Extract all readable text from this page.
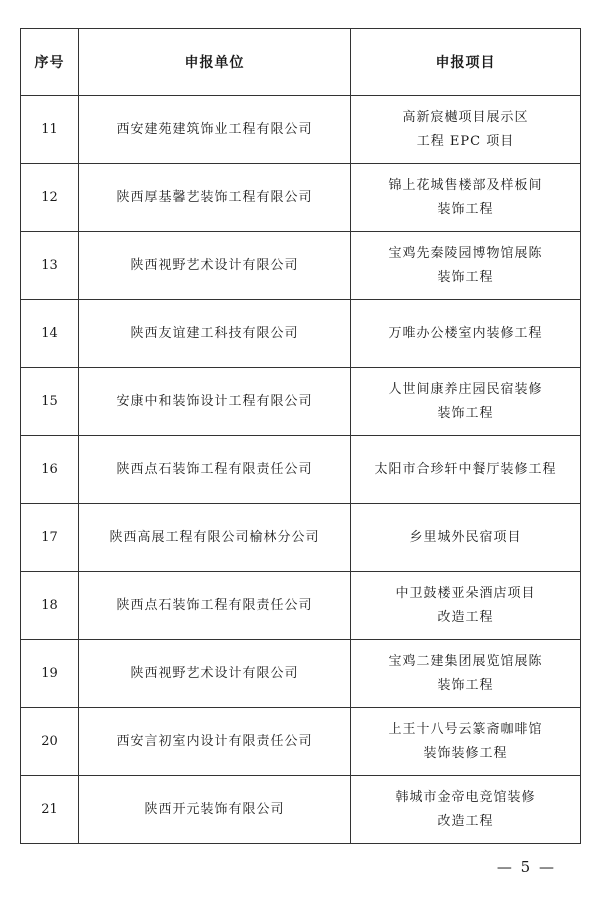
序号	申报单位	申报项目
11	西安建苑建筑饰业工程有限公司	高新宸樾项目展示区
工程 EPC 项目

12	陕西厚基馨艺装饰工程有限公司	锦上花城售楼部及样板间
装饰工程

13	陕西视野艺术设计有限公司	宝鸡先秦陵园博物馆展陈
装饰工程

14	陕西友谊建工科技有限公司	万唯办公楼室内装修工程

15	安康中和装饰设计工程有限公司	人世间康养庄园民宿装修
装饰工程

16	陕西点石装饰工程有限责任公司	太阳市合珍轩中餐厅装修工程

17	陕西高展工程有限公司榆林分公司	乡里城外民宿项目

18	陕西点石装饰工程有限责任公司	中卫鼓楼亚朵酒店项目
改造工程

19	陕西视野艺术设计有限公司	宝鸡二建集团展览馆展陈
装饰工程

20	西安言初室内设计有限责任公司	上王十八号云篆斋咖啡馆
装饰装修工程

21	陕西开元装饰有限公司	韩城市金帝电竞馆装修
改造工程
— 5 —
